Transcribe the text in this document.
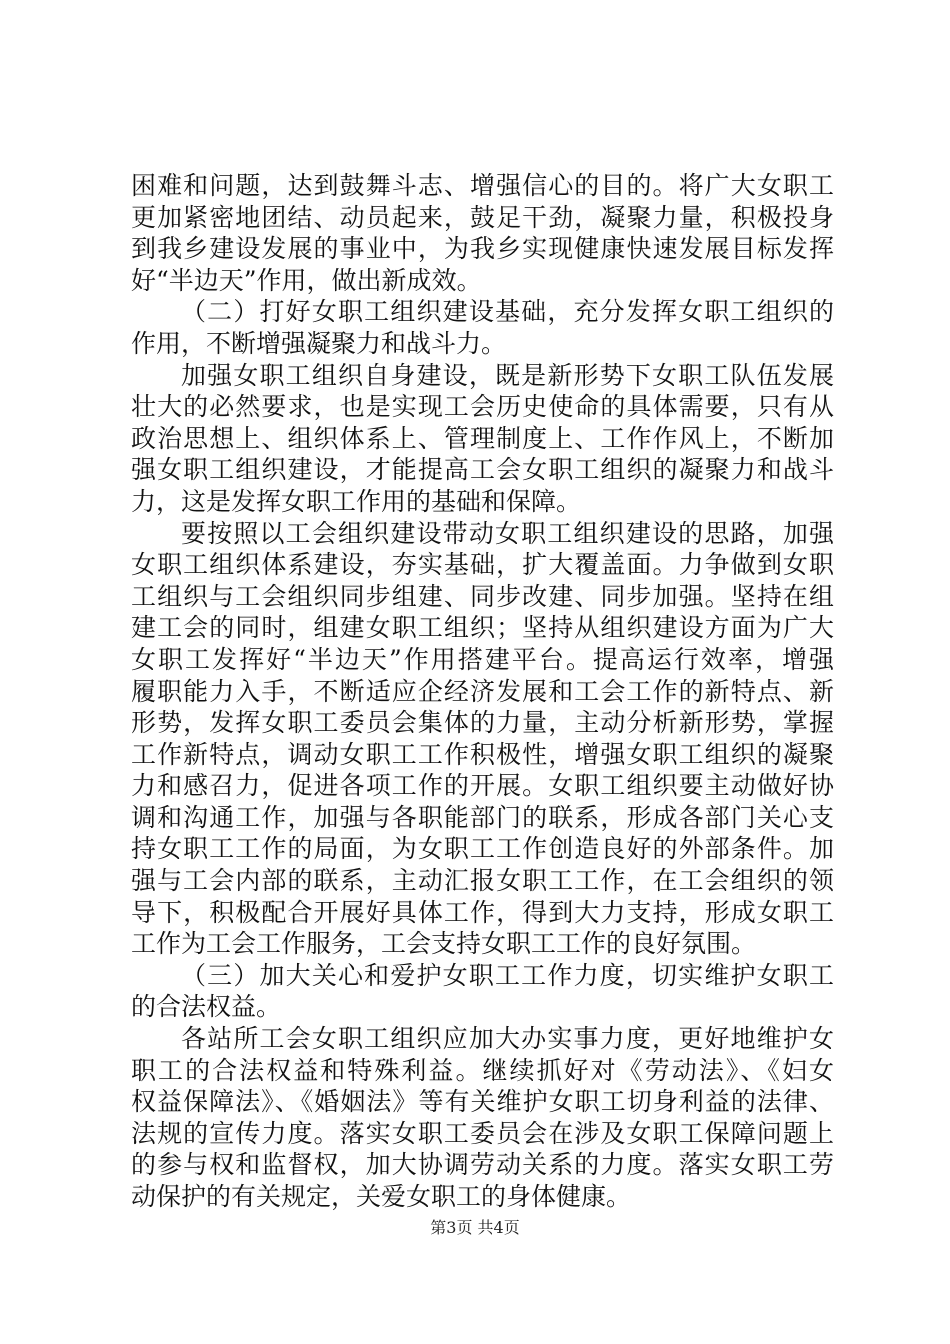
困难和问题，达到鼓舞斗志、增强信心的目的。将广大女职工
更加紧密地团结、动员起来，鼓足干劲，凝聚力量，积极投身
到我乡建设发展的事业中，为我乡实现健康快速发展目标发挥
好“半边天”作用，做出新成效。
（二）打好女职工组织建设基础，充分发挥女职工组织的
作用，不断增强凝聚力和战斗力。
加强女职工组织自身建设，既是新形势下女职工队伍发展
壮大的必然要求，也是实现工会历史使命的具体需要，只有从
政治思想上、组织体系上、管理制度上、工作作风上，不断加
强女职工组织建设，才能提高工会女职工组织的凝聚力和战斗
力，这是发挥女职工作用的基础和保障。
要按照以工会组织建设带动女职工组织建设的思路，加强
女职工组织体系建设，夯实基础，扩大覆盖面。力争做到女职
工组织与工会组织同步组建、同步改建、同步加强。坚持在组
建工会的同时，组建女职工组织；坚持从组织建设方面为广大
女职工发挥好“半边天”作用搭建平台。提高运行效率，增强
履职能力入手，不断适应企经济发展和工会工作的新特点、新
形势，发挥女职工委员会集体的力量，主动分析新形势，掌握
工作新特点，调动女职工工作积极性，增强女职工组织的凝聚
力和感召力，促进各项工作的开展。女职工组织要主动做好协
调和沟通工作，加强与各职能部门的联系，形成各部门关心支
持女职工工作的局面，为女职工工作创造良好的外部条件。加
强与工会内部的联系，主动汇报女职工工作，在工会组织的领
导下，积极配合开展好具体工作，得到大力支持，形成女职工
工作为工会工作服务，工会支持女职工工作的良好氛围。
（三）加大关心和爱护女职工工作力度，切实维护女职工
的合法权益。
各站所工会女职工组织应加大办实事力度，更好地维护女
职工的合法权益和特殊利益。继续抓好对《劳动法》、《妇女
权益保障法》、《婚姻法》等有关维护女职工切身利益的法律、
法规的宣传力度。落实女职工委员会在涉及女职工保障问题上
的参与权和监督权，加大协调劳动关系的力度。落实女职工劳
动保护的有关规定，关爱女职工的身体健康。
第3页 共4页
